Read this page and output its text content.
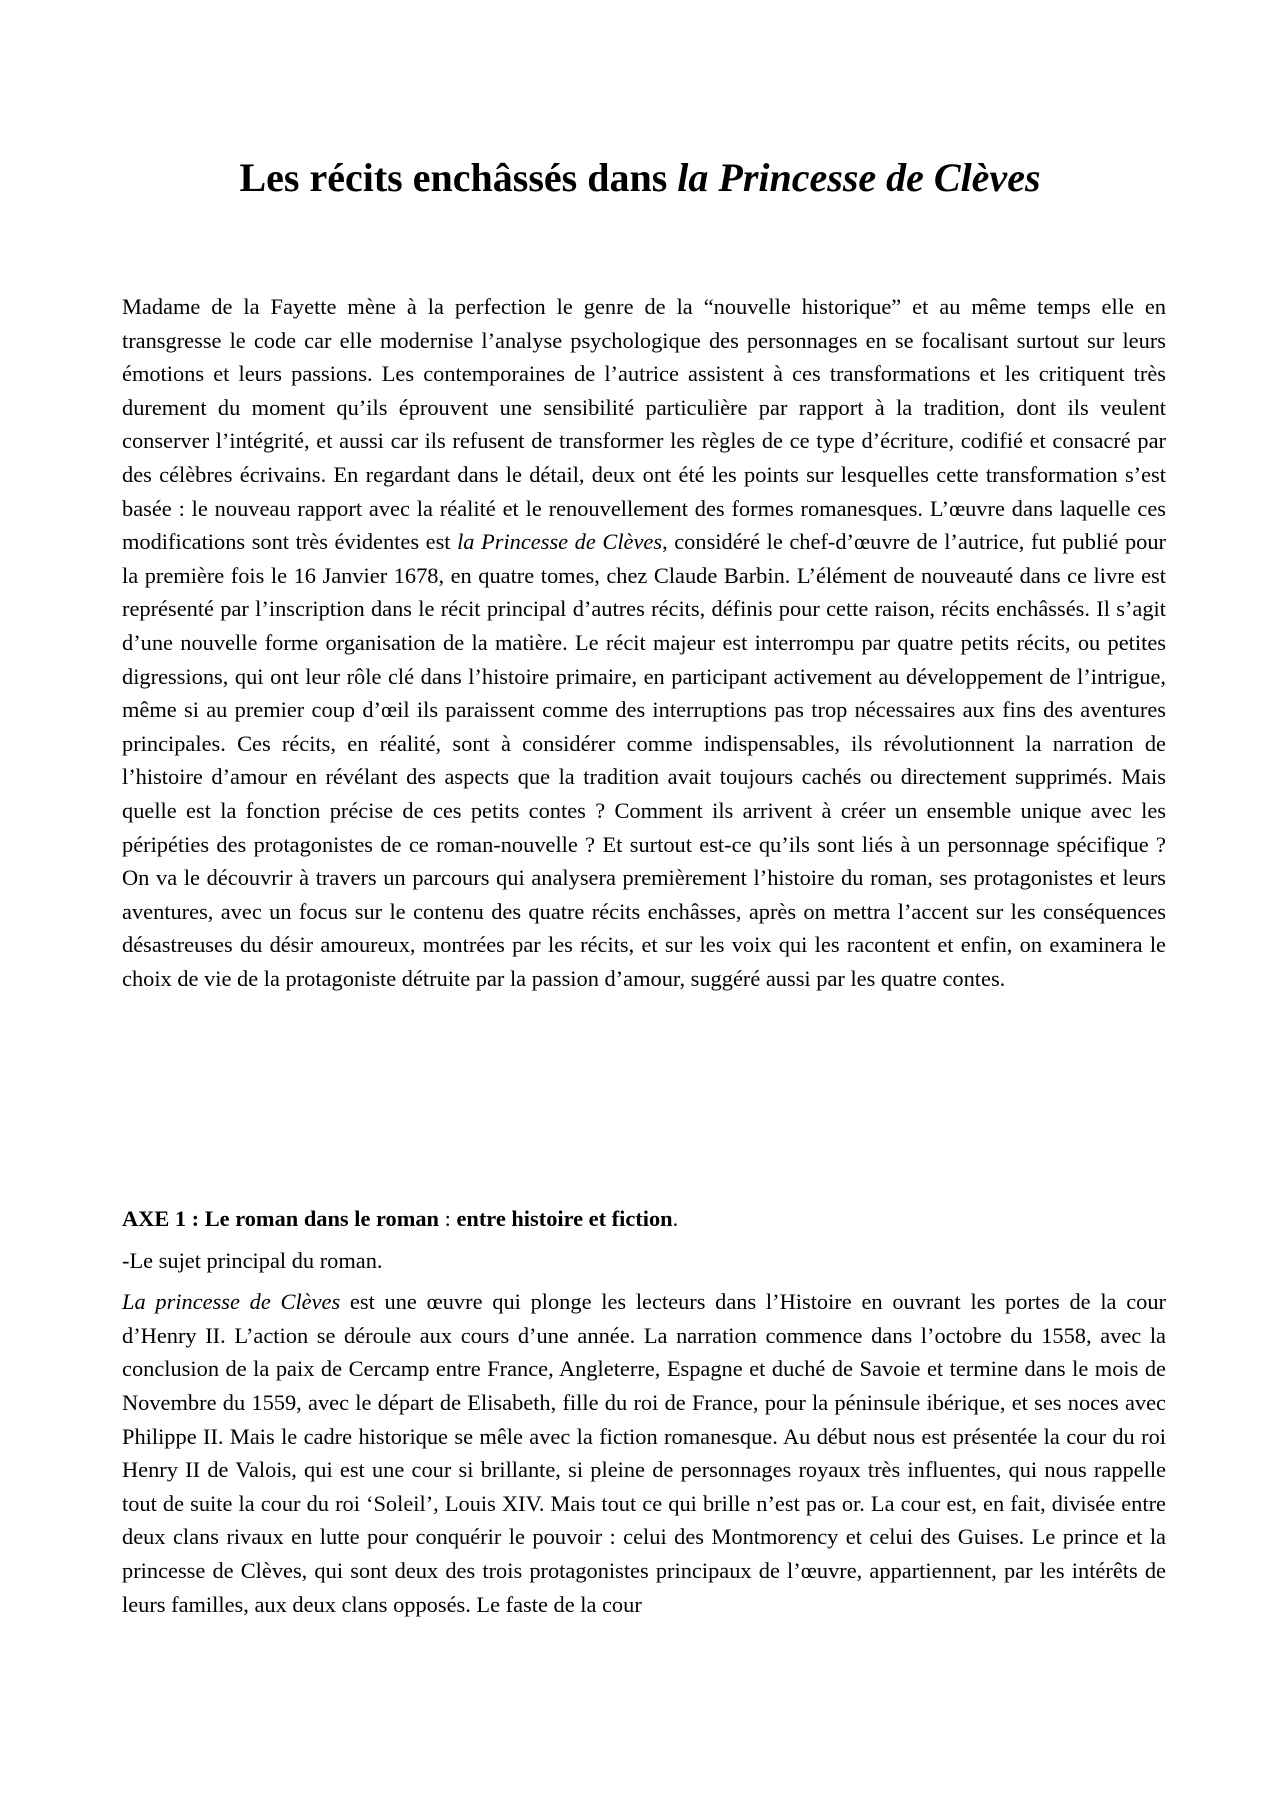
Les récits enchâssés dans la Princesse de Clèves

Madame de la Fayette mène à la perfection le genre de la “nouvelle historique” et au même temps elle en transgresse le code car elle modernise l’analyse psychologique des personnages en se focalisant surtout sur leurs émotions et leurs passions. Les contemporaines de l’autrice assistent à ces transformations et les critiquent très durement du moment qu’ils éprouvent une sensibilité particulière par rapport à la tradition, dont ils veulent conserver l’intégrité, et aussi car ils refusent de transformer les règles de ce type d’écriture, codifié et consacré par des célèbres écrivains. En regardant dans le détail, deux ont été les points sur lesquelles cette transformation s’est basée : le nouveau rapport avec la réalité et le renouvellement des formes romanesques. L’œuvre dans laquelle ces modifications sont très évidentes est la Princesse de Clèves, considéré le chef-d’œuvre de l’autrice, fut publié pour la première fois le 16 Janvier 1678, en quatre tomes, chez Claude Barbin. L’élément de nouveauté dans ce livre est représenté par l’inscription dans le récit principal d’autres récits, définis pour cette raison, récits enchâssés. Il s’agit d’une nouvelle forme organisation de la matière. Le récit majeur est interrompu par quatre petits récits, ou petites digressions, qui ont leur rôle clé dans l’histoire primaire, en participant activement au développement de l’intrigue, même si au premier coup d’œil ils paraissent comme des interruptions pas trop nécessaires aux fins des aventures principales. Ces récits, en réalité, sont à considérer comme indispensables, ils révolutionnent la narration de l’histoire d’amour en révélant des aspects que la tradition avait toujours cachés ou directement supprimés. Mais quelle est la fonction précise de ces petits contes ? Comment ils arrivent à créer un ensemble unique avec les péripéties des protagonistes de ce roman-nouvelle ? Et surtout est-ce qu’ils sont liés à un personnage spécifique ? On va le découvrir à travers un parcours qui analysera premièrement l’histoire du roman, ses protagonistes et leurs aventures, avec un focus sur le contenu des quatre récits enchâsses, après on mettra l’accent sur les conséquences désastreuses du désir amoureux, montrées par les récits, et sur les voix qui les racontent et enfin, on examinera le choix de vie de la protagoniste détruite par la passion d’amour, suggéré aussi par les quatre contes.

AXE 1 : Le roman dans le roman : entre histoire et fiction.

-Le sujet principal du roman.

La princesse de Clèves est une œuvre qui plonge les lecteurs dans l’Histoire en ouvrant les portes de la cour d’Henry II. L’action se déroule aux cours d’une année. La narration commence dans l’octobre du 1558, avec la conclusion de la paix de Cercamp entre France, Angleterre, Espagne et duché de Savoie et termine dans le mois de Novembre du 1559, avec le départ de Elisabeth, fille du roi de France, pour la péninsule ibérique, et ses noces avec Philippe II. Mais le cadre historique se mêle avec la fiction romanesque. Au début nous est présentée la cour du roi Henry II de Valois, qui est une cour si brillante, si pleine de personnages royaux très influentes, qui nous rappelle tout de suite la cour du roi ‘Soleil’, Louis XIV. Mais tout ce qui brille n’est pas or. La cour est, en fait, divisée entre deux clans rivaux en lutte pour conquérir le pouvoir : celui des Montmorency et celui des Guises. Le prince et la princesse de Clèves, qui sont deux des trois protagonistes principaux de l’œuvre, appartiennent, par les intérêts de leurs familles, aux deux clans opposés. Le faste de la cour
